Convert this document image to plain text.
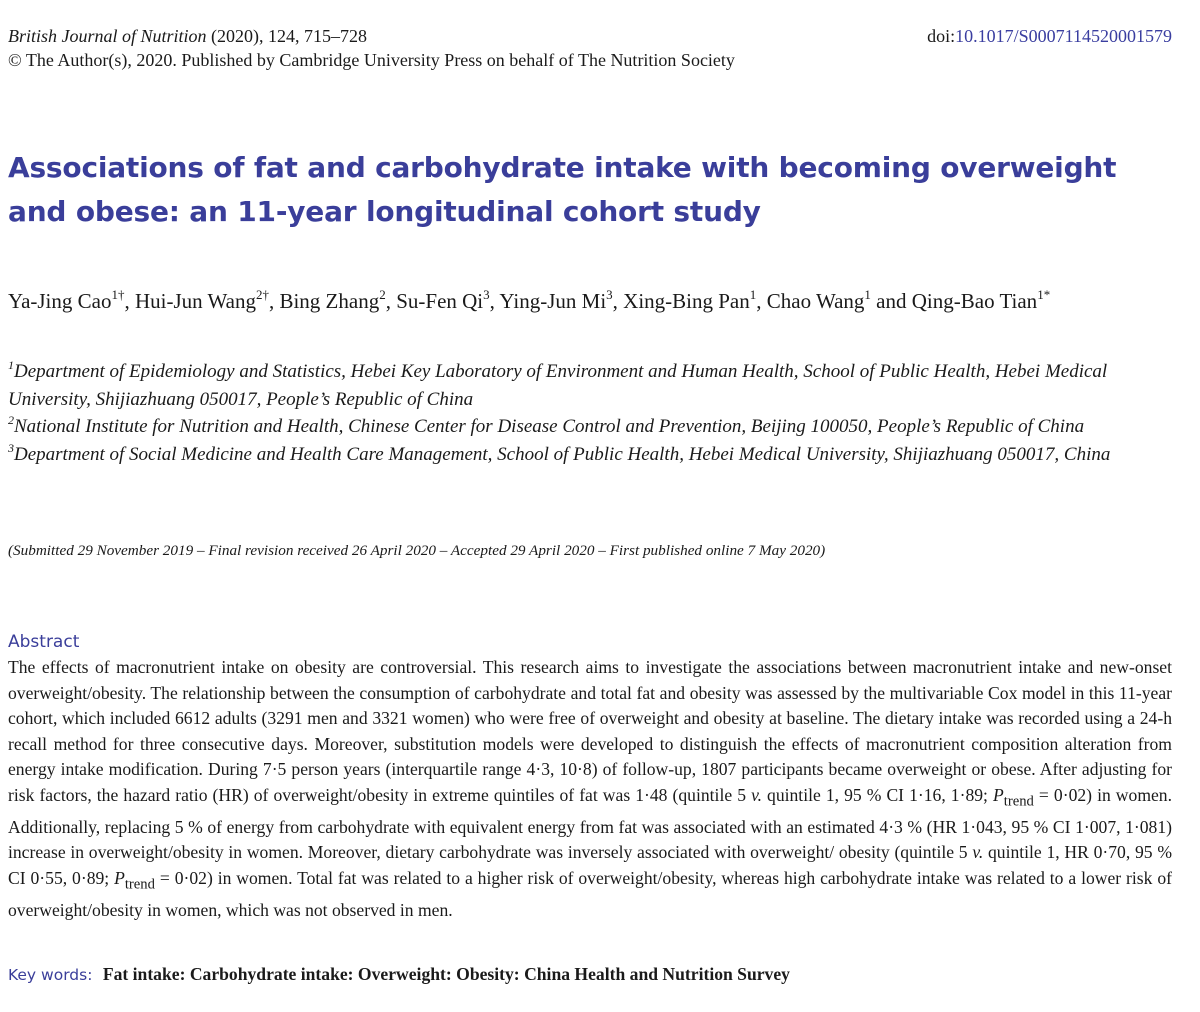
British Journal of Nutrition (2020), 124, 715–728	doi:10.1017/S0007114520001579
© The Author(s), 2020. Published by Cambridge University Press on behalf of The Nutrition Society
Associations of fat and carbohydrate intake with becoming overweight and obese: an 11-year longitudinal cohort study
Ya-Jing Cao$^{1\dagger}$, Hui-Jun Wang$^{2\dagger}$, Bing Zhang$^2$, Su-Fen Qi$^3$, Ying-Jun Mi$^3$, Xing-Bing Pan$^1$, Chao Wang$^1$ and Qing-Bao Tian$^{1*}$
$^1$Department of Epidemiology and Statistics, Hebei Key Laboratory of Environment and Human Health, School of Public Health, Hebei Medical University, Shijiazhuang 050017, People’s Republic of China
$^2$National Institute for Nutrition and Health, Chinese Center for Disease Control and Prevention, Beijing 100050, People’s Republic of China
$^3$Department of Social Medicine and Health Care Management, School of Public Health, Hebei Medical University, Shijiazhuang 050017, China
(Submitted 29 November 2019 – Final revision received 26 April 2020 – Accepted 29 April 2020 – First published online 7 May 2020)
Abstract

The effects of macronutrient intake on obesity are controversial. This research aims to investigate the associations between macronutrient intake and new-onset overweight/obesity. The relationship between the consumption of carbohydrate and total fat and obesity was assessed by the multivariable Cox model in this 11-year cohort, which included 6612 adults (3291 men and 3321 women) who were free of overweight and obesity at baseline. The dietary intake was recorded using a 24-h recall method for three consecutive days. Moreover, substitution models were developed to distinguish the effects of macronutrient composition alteration from energy intake modification. During 7·5 person years (interquartile range 4·3, 10·8) of follow-up, 1807 participants became overweight or obese. After adjusting for risk factors, the hazard ratio (HR) of overweight/obesity in extreme quintiles of fat was 1·48 (quintile 5 v. quintile 1, 95 % CI 1·16, 1·89; $P_{trend} = 0\cdot 02$) in women. Additionally, replacing 5 % of energy from carbohydrate with equivalent energy from fat was associated with an estimated 4·3 % (HR 1·043, 95 % CI 1·007, 1·081) increase in overweight/obesity in women. Moreover, dietary carbohydrate was inversely associated with overweight/ obesity (quintile 5 v. quintile 1, HR 0·70, 95 % CI 0·55, 0·89; $P_{trend} = 0\cdot 02$) in women. Total fat was related to a higher risk of overweight/obesity, whereas high carbohydrate intake was related to a lower risk of overweight/obesity in women, which was not observed in men.

Key words: Fat intake: Carbohydrate intake: Overweight: Obesity: China Health and Nutrition Survey
